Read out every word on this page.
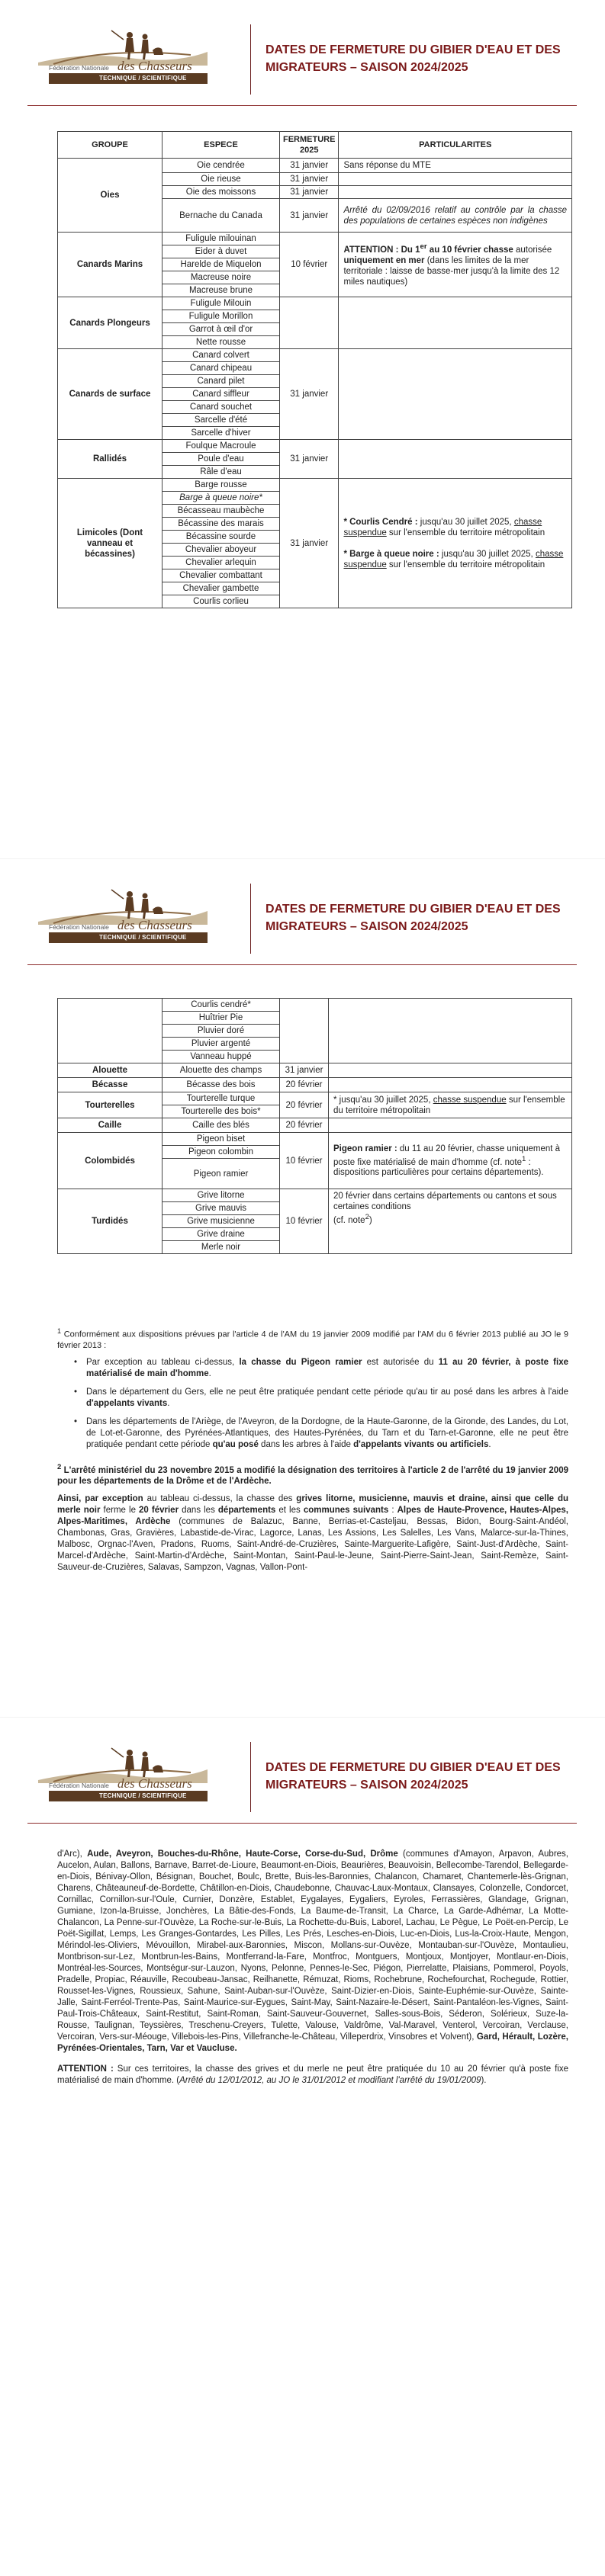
Fédération Nationale des Chasseurs
TECHNIQUE / SCIENTIFIQUE
DATES DE FERMETURE DU GIBIER D'EAU ET DES MIGRATEURS – SAISON 2024/2025
GROUPE	ESPECE	FERMETURE 2025	PARTICULARITES
Oies	Oie cendrée	31 janvier	Sans réponse du MTE
	Oie rieuse	31 janvier	
	Oie des moissons	31 janvier	
	Bernache du Canada	31 janvier	Arrêté du 02/09/2016 relatif au contrôle par la chasse des populations de certaines espèces non indigènes
Canards Marins	Fuligule milouinan	10 février	ATTENTION : Du 1er au 10 février chasse autorisée uniquement en mer (dans les limites de la mer territoriale : laisse de basse-mer jusqu'à la limite des 12 miles nautiques)
	Eider à duvet		
	Harelde de Miquelon		
	Macreuse noire		
	Macreuse brune		
Canards Plongeurs	Fuligule Milouin		
	Fuligule Morillon		
	Garrot à œil d'or		
	Nette rousse		
Canards de surface	Canard colvert	31 janvier	
	Canard chipeau		
	Canard pilet		
	Canard siffleur		
	Canard souchet		
	Sarcelle d'été		
	Sarcelle d'hiver		
Rallidés	Foulque Macroule	31 janvier	
	Poule d'eau		
	Râle d'eau		
Limicoles (Dont vanneau et bécassines)	Barge rousse	31 janvier	* Courlis Cendré : jusqu'au 30 juillet 2025, chasse suspendue sur l'ensemble du territoire métropolitain
* Barge à queue noire : jusqu'au 30 juillet 2025, chasse suspendue sur l'ensemble du territoire métropolitain

	Barge à queue noire*		
	Bécasseau maubèche		
	Bécassine des marais		
	Bécassine sourde		
	Chevalier aboyeur		
	Chevalier arlequin		
	Chevalier combattant		
	Chevalier gambette		
	Courlis corlieu		
Fédération Nationale des Chasseurs
TECHNIQUE / SCIENTIFIQUE
DATES DE FERMETURE DU GIBIER D'EAU ET DES MIGRATEURS – SAISON 2024/2025
	Courlis cendré*		
	Huîtrier Pie		
	Pluvier doré		
	Pluvier argenté		
	Vanneau huppé		
Alouette	Alouette des champs	31 janvier	
Bécasse	Bécasse des bois	20 février	
Tourterelles	Tourterelle turque	20 février	* jusqu'au 30 juillet 2025, chasse suspendue sur l'ensemble du territoire métropolitain
	Tourterelle des bois*		
Caille	Caille des blés	20 février	
Colombidés	Pigeon biset	10 février	Pigeon ramier : du 11 au 20 février, chasse uniquement à poste fixe matérialisé de main d'homme (cf. note$^1$ : dispositions particulières pour certains départements).
	Pigeon colombin		
	Pigeon ramier		
Turdidés	Grive litorne	10 février	20 février dans certains départements ou cantons et sous certaines conditions
(cf. note$^2$)
	Grive mauvis		
	Grive musicienne		
	Grive draine		
	Merle noir		

$^1$ Conformément aux dispositions prévues par l'article 4 de l'AM du 19 janvier 2009 modifié par l'AM du 6 février 2013 publié au JO le 9 février 2013 :

• Par exception au tableau ci-dessus, la chasse du Pigeon ramier est autorisée du 11 au 20 février, à poste fixe matérialisé de main d'homme.
• Dans le département du Gers, elle ne peut être pratiquée pendant cette période qu'au tir au posé dans les arbres à l'aide d'appelants vivants.
• Dans les départements de l'Ariège, de l'Aveyron, de la Dordogne, de la Haute-Garonne, de la Gironde, des Landes, du Lot, de Lot-et-Garonne, des Pyrénées-Atlantiques, des Hautes-Pyrénées, du Tarn et du Tarn-et-Garonne, elle ne peut être pratiquée pendant cette période qu'au posé dans les arbres à l'aide d'appelants vivants ou artificiels.

$^2$ L'arrêté ministériel du 23 novembre 2015 a modifié la désignation des territoires à l'article 2 de l'arrêté du 19 janvier 2009 pour les départements de la Drôme et de l'Ardèche.

Ainsi, par exception au tableau ci-dessus, la chasse des grives litorne, musicienne, mauvis et draine, ainsi que celle du merle noir ferme le 20 février dans les départements et les communes suivants : Alpes de Haute-Provence, Hautes-Alpes, Alpes-Maritimes, Ardèche (communes de Balazuc, Banne, Berrias-et-Casteljau, Bessas, Bidon, Bourg-Saint-Andéol, Chambonas, Gras, Gravières, Labastide-de-Virac, Lagorce, Lanas, Les Assions, Les Salelles, Les Vans, Malarce-sur-la-Thines, Malbosc, Orgnac-l'Aven, Pradons, Ruoms, Saint-André-de-Cruzières, Sainte-Marguerite-Lafigère, Saint-Just-d'Ardèche, Saint-Marcel-d'Ardèche, Saint-Martin-d'Ardèche, Saint-Montan, Saint-Paul-le-Jeune, Saint-Pierre-Saint-Jean, Saint-Remèze, Saint-Sauveur-de-Cruzières, Salavas, Sampzon, Vagnas, Vallon-Pont-

Fédération Nationale des Chasseurs
TECHNIQUE / SCIENTIFIQUE
DATES DE FERMETURE DU GIBIER D'EAU ET DES MIGRATEURS – SAISON 2024/2025

d'Arc), Aude, Aveyron, Bouches-du-Rhône, Haute-Corse, Corse-du-Sud, Drôme (communes d'Amayon, Arpavon, Aubres, Aucelon, Aulan, Ballons, Barnave, Barret-de-Lioure, Beaumont-en-Diois, Beaurières, Beauvoisin, Bellecombe-Tarendol, Bellegarde-en-Diois, Bénivay-Ollon, Bésignan, Bouchet, Boulc, Brette, Buis-les-Baronnies, Chalancon, Chamaret, Chantemerle-lès-Grignan, Charens, Châteauneuf-de-Bordette, Châtillon-en-Diois, Chaudebonne, Chauvac-Laux-Montaux, Clansayes, Colonzelle, Condorcet, Cornillac, Cornillon-sur-l'Oule, Curnier, Donzère, Establet, Eygalayes, Eygaliers, Eyroles, Ferrassières, Glandage, Grignan, Gumiane, Izon-la-Bruisse, Jonchères, La Bâtie-des-Fonds, La Baume-de-Transit, La Charce, La Garde-Adhémar, La Motte-Chalancon, La Penne-sur-l'Ouvèze, La Roche-sur-le-Buis, La Rochette-du-Buis, Laborel, Lachau, Le Pègue, Le Poët-en-Percip, Le Poët-Sigillat, Lemps, Les Granges-Gontardes, Les Pilles, Les Prés, Lesches-en-Diois, Luc-en-Diois, Lus-la-Croix-Haute, Mengon, Mérindol-les-Oliviers, Mévouillon, Mirabel-aux-Baronnies, Miscon, Mollans-sur-Ouvèze, Montauban-sur-l'Ouvèze, Montaulieu, Montbrison-sur-Lez, Montbrun-les-Bains, Montferrand-la-Fare, Montfroc, Montguers, Montjoux, Montjoyer, Montlaur-en-Diois, Montréal-les-Sources, Montségur-sur-Lauzon, Nyons, Pelonne, Pennes-le-Sec, Piégon, Pierrelatte, Plaisians, Pommerol, Poyols, Pradelle, Propiac, Réauville, Recoubeau-Jansac, Reilhanette, Rémuzat, Rioms, Rochebrune, Rochefourchat, Rochegude, Rottier, Rousset-les-Vignes, Roussieux, Sahune, Saint-Auban-sur-l'Ouvèze, Saint-Dizier-en-Diois, Sainte-Euphémie-sur-Ouvèze, Sainte-Jalle, Saint-Ferréol-Trente-Pas, Saint-Maurice-sur-Eygues, Saint-May, Saint-Nazaire-le-Désert, Saint-Pantaléon-les-Vignes, Saint-Paul-Trois-Châteaux, Saint-Restitut, Saint-Roman, Saint-Sauveur-Gouvernet, Salles-sous-Bois, Séderon, Solérieux, Suze-la-Rousse, Taulignan, Teyssières, Treschenu-Creyers, Tulette, Valouse, Valdrôme, Val-Maravel, Venterol, Vercoiran, Verclause, Vercoiran, Vers-sur-Méouge, Villebois-les-Pins, Villefranche-le-Château, Villeperdrix, Vinsobres et Volvent), Gard, Hérault, Lozère, Pyrénées-Orientales, Tarn, Var et Vaucluse.

ATTENTION : Sur ces territoires, la chasse des grives et du merle ne peut être pratiquée du 10 au 20 février qu'à poste fixe matérialisé de main d'homme. (Arrêté du 12/01/2012, au JO le 31/01/2012 et modifiant l'arrêté du 19/01/2009).
